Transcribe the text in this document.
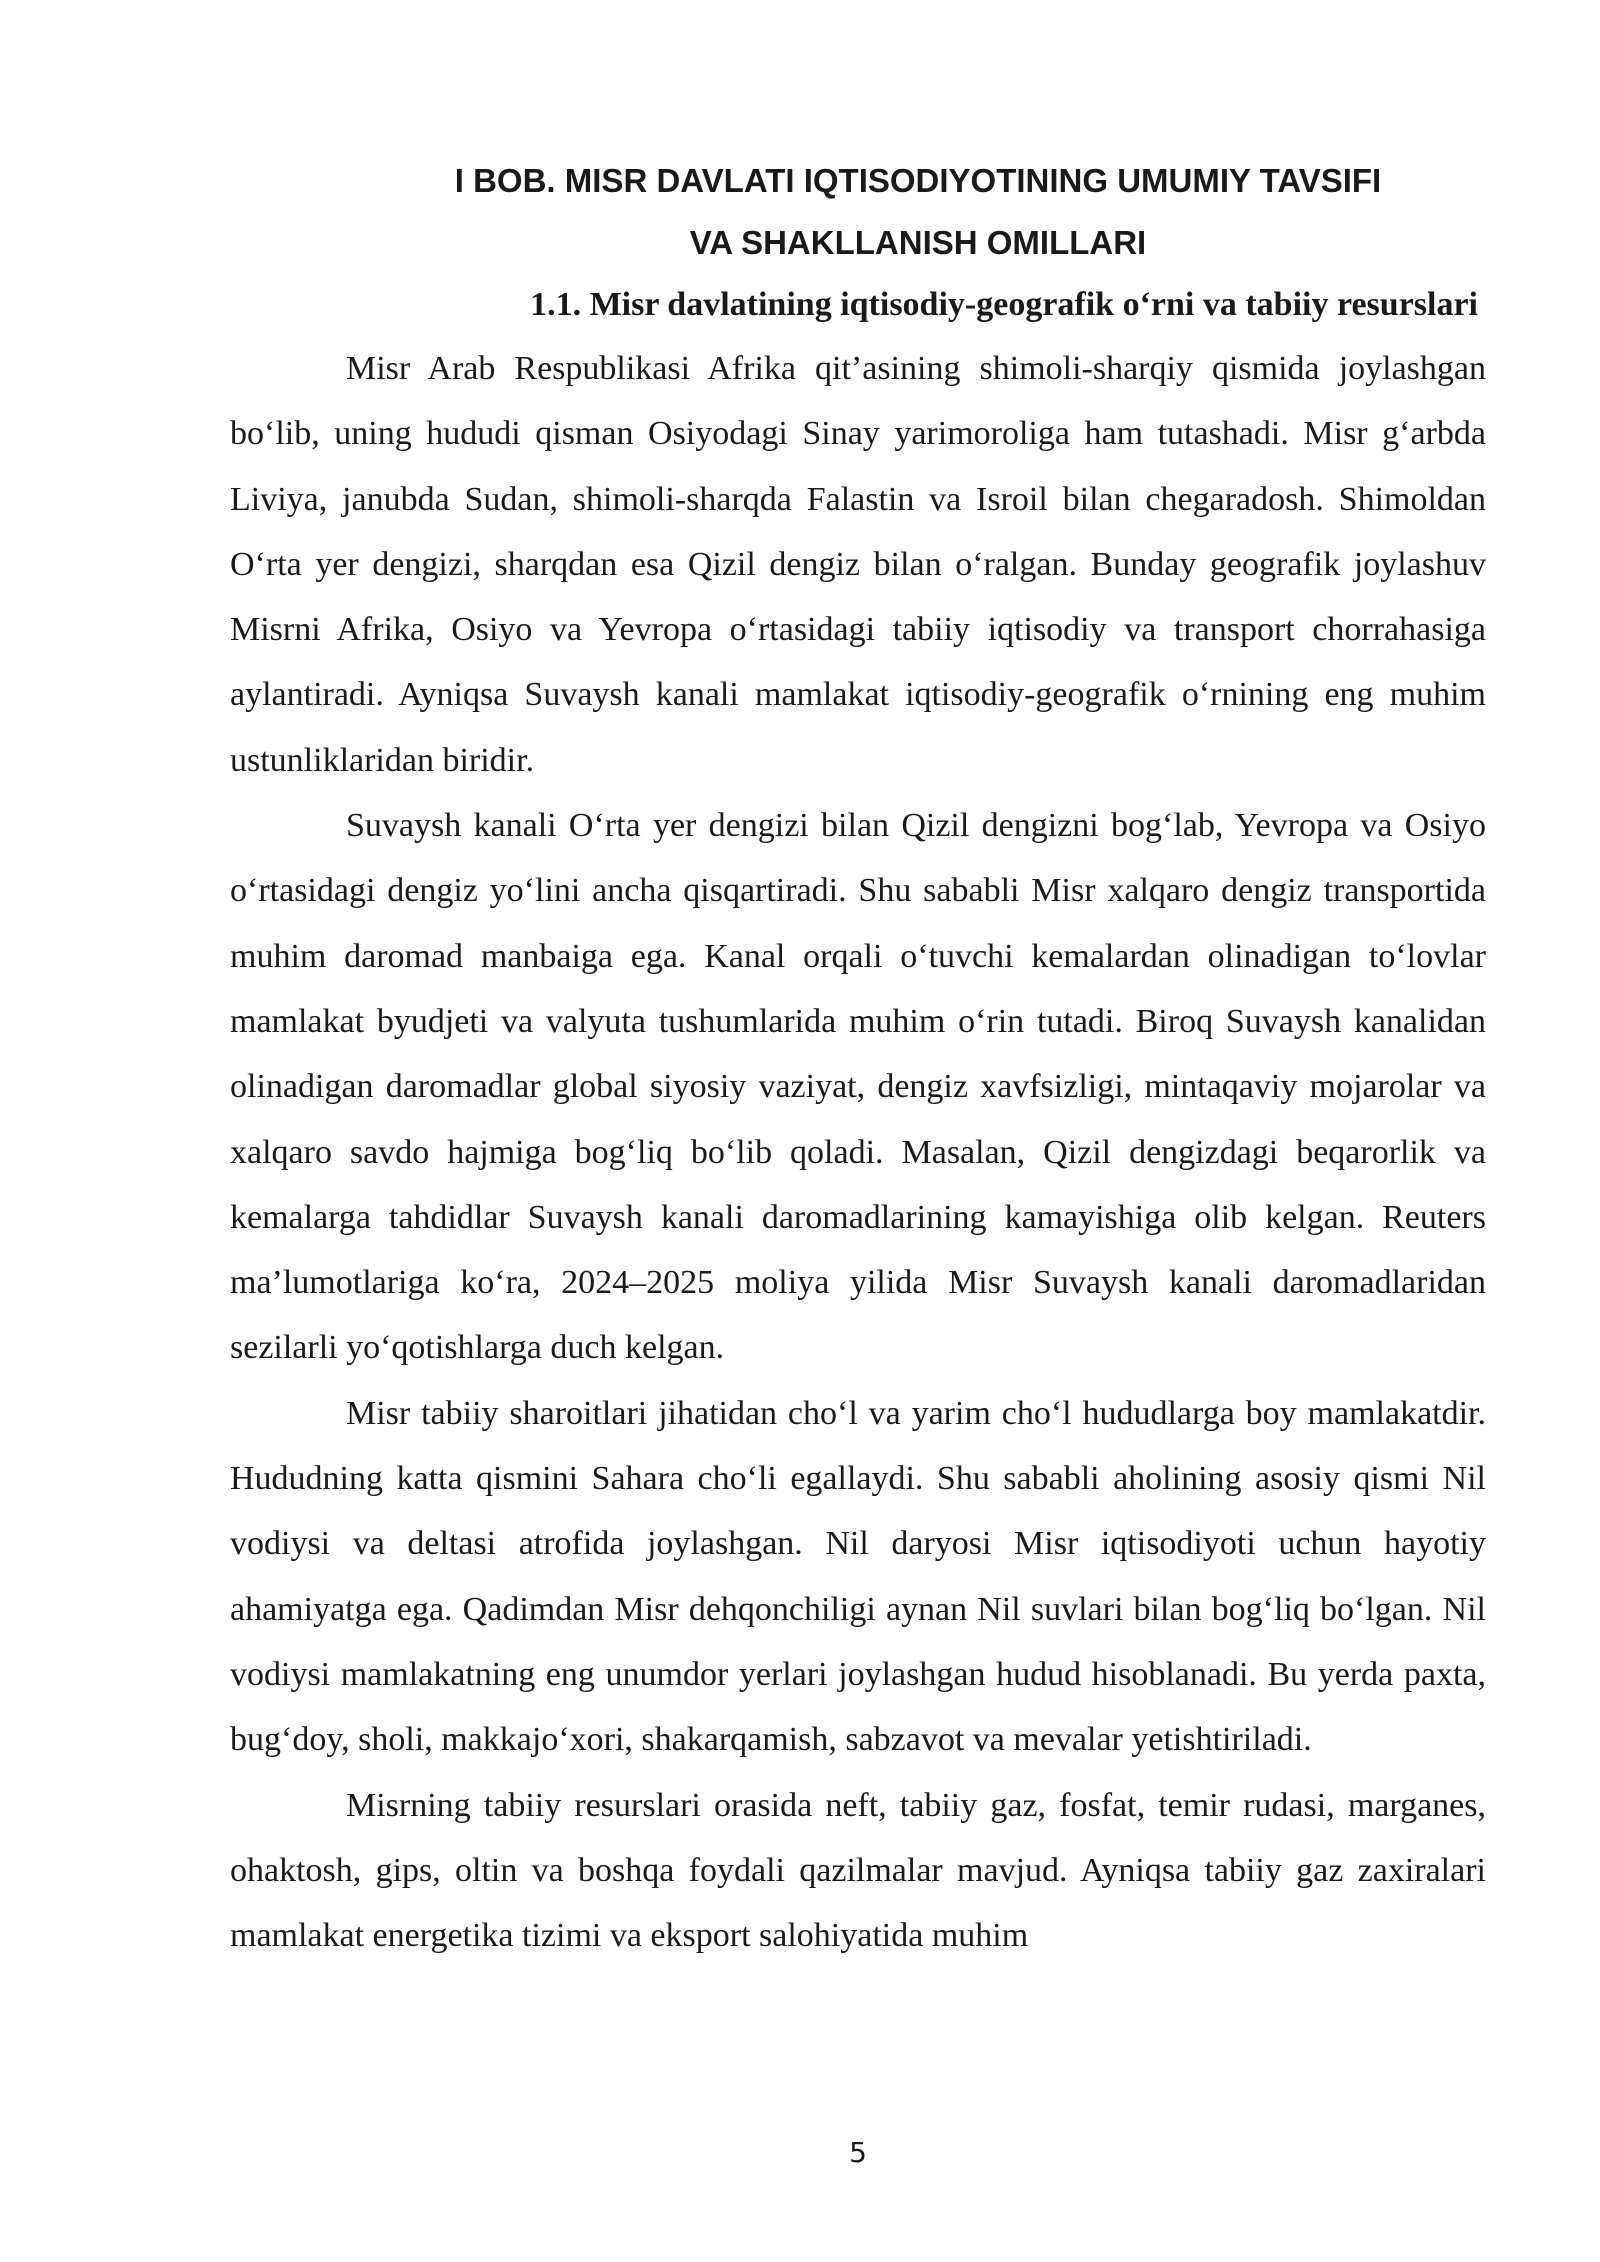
I BOB. MISR DAVLATI IQTISODIYOTINING UMUMIY TAVSIFI
VA SHAKLLANISH OMILLARI
1.1. Misr davlatining iqtisodiy-geografik o‘rni va tabiiy resurslari

Misr Arab Respublikasi Afrika qit’asining shimoli-sharqiy qismida joylashgan bo‘lib, uning hududi qisman Osiyodagi Sinay yarimoroliga ham tutashadi. Misr g‘arbda Liviya, janubda Sudan, shimoli-sharqda Falastin va Isroil bilan chegaradosh. Shimoldan O‘rta yer dengizi, sharqdan esa Qizil dengiz bilan o‘ralgan. Bunday geografik joylashuv Misrni Afrika, Osiyo va Yevropa o‘rtasidagi tabiiy iqtisodiy va transport chorrahasiga aylantiradi. Ayniqsa Suvaysh kanali mamlakat iqtisodiy-geografik o‘rnining eng muhim ustunliklaridan biridir.

Suvaysh kanali O‘rta yer dengizi bilan Qizil dengizni bog‘lab, Yevropa va Osiyo o‘rtasidagi dengiz yo‘lini ancha qisqartiradi. Shu sababli Misr xalqaro dengiz transportida muhim daromad manbaiga ega. Kanal orqali o‘tuvchi kemalardan olinadigan to‘lovlar mamlakat byudjeti va valyuta tushumlarida muhim o‘rin tutadi. Biroq Suvaysh kanalidan olinadigan daromadlar global siyosiy vaziyat, dengiz xavfsizligi, mintaqaviy mojarolar va xalqaro savdo hajmiga bog‘liq bo‘lib qoladi. Masalan, Qizil dengizdagi beqarorlik va kemalarga tahdidlar Suvaysh kanali daromadlarining kamayishiga olib kelgan. Reuters ma’lumotlariga ko‘ra, 2024–2025 moliya yilida Misr Suvaysh kanali daromadlaridan sezilarli yo‘qotishlarga duch kelgan.

Misr tabiiy sharoitlari jihatidan cho‘l va yarim cho‘l hududlarga boy mamlakatdir. Hududning katta qismini Sahara cho‘li egallaydi. Shu sababli aholining asosiy qismi Nil vodiysi va deltasi atrofida joylashgan. Nil daryosi Misr iqtisodiyoti uchun hayotiy ahamiyatga ega. Qadimdan Misr dehqonchiligi aynan Nil suvlari bilan bog‘liq bo‘lgan. Nil vodiysi mamlakatning eng unumdor yerlari joylashgan hudud hisoblanadi. Bu yerda paxta, bug‘doy, sholi, makkajo‘xori, shakarqamish, sabzavot va mevalar yetishtiriladi.

Misrning tabiiy resurslari orasida neft, tabiiy gaz, fosfat, temir rudasi, marganes, ohaktosh, gips, oltin va boshqa foydali qazilmalar mavjud. Ayniqsa tabiiy gaz zaxiralari mamlakat energetika tizimi va eksport salohiyatida muhim

5
